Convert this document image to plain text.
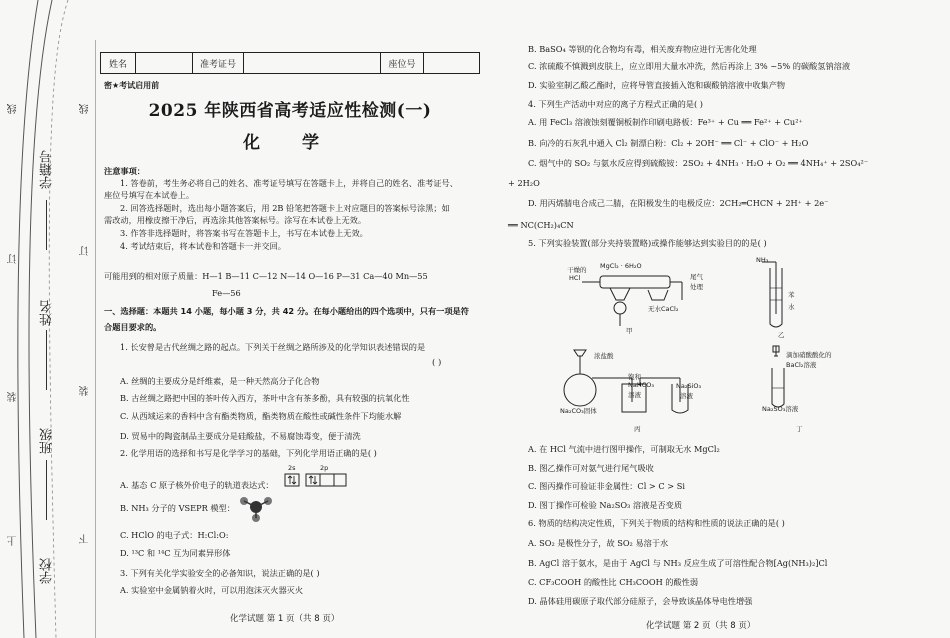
学籍号
姓名
班级
学校
线
订
装
上
线
订
装
下
姓名	准考证号	座位号
密★考试启用前
2025 年陕西省高考适应性检测(一)
化 学
注意事项：
1. 答卷前，考生务必将自己的姓名、准考证号填写在答题卡上，并将自己的姓名、准考证号、
座位号填写在本试卷上。
2. 回答选择题时，选出每小题答案后，用 2B 铅笔把答题卡上对应题目的答案标号涂黑；如
需改动，用橡皮擦干净后，再选涂其他答案标号。涂写在本试卷上无效。
3. 作答非选择题时，将答案书写在答题卡上，书写在本试卷上无效。
4. 考试结束后，将本试卷和答题卡一并交回。
可能用到的相对原子质量：H—1 B—11 C—12 N—14 O—16 P—31 Ca—40 Mn—55
Fe—56
一、选择题：本题共 14 小题，每小题 3 分，共 42 分。在每小题给出的四个选项中，只有一项是符
合题目要求的。
1. 长安曾是古代丝绸之路的起点。下列关于丝绸之路所涉及的化学知识表述错误的是
( )
A. 丝绸的主要成分是纤维素，是一种天然高分子化合物
B. 古丝绸之路把中国的茶叶传入西方，茶叶中含有茶多酚，具有较强的抗氧化性
C. 从西域运来的香料中含有酯类物质，酯类物质在酸性或碱性条件下均能水解
D. 贸易中的陶瓷制品主要成分是硅酸盐，不易腐蚀毒变，便于清洗
2. 化学用语的选择和书写是化学学习的基础，下列化学用语正确的是( )
A. 基态 C 原子核外价电子的轨道表达式：
2s	2p
B. NH₃ 分子的 VSEPR 模型：
C. HClO 的电子式：H:Cl:O:
D. ¹³C 和 ¹⁴C 互为同素异形体
3. 下列有关化学实验安全的必备知识，说法正确的是( )
A. 实验室中金属钠着火时，可以用泡沫灭火器灭火
化学试题 第 1 页（共 8 页）
B. BaSO₄ 等钡的化合物均有毒，相关废弃物应进行无害化处理
C. 浓硫酸不慎溅到皮肤上，应立即用大量水冲洗，然后再涂上 3% ~5% 的碳酸氢钠溶液
D. 实验室制乙酸乙酯时，应将导管直接插入饱和碳酸钠溶液中收集产物
4. 下列生产活动中对应的离子方程式正确的是( )
A. 用 FeCl₃ 溶液蚀刻覆铜板制作印刷电路板：Fe³⁺ + Cu ══ Fe²⁺ + Cu²⁺
B. 向冷的石灰乳中通入 Cl₂ 制漂白粉：Cl₂ + 2OH⁻ ══ Cl⁻ + ClO⁻ + H₂O
C. 烟气中的 SO₂ 与氨水反应得到硫酸铵：2SO₂ + 4NH₃ · H₂O + O₂ ══ 4NH₄⁺ + 2SO₄²⁻
+ 2H₂O
D. 用丙烯腈电合成己二腈，在阳极发生的电极反应：2CH₂═CHCN + 2H⁺ + 2e⁻
══ NC(CH₂)₄CN
5. 下列实验装置(部分夹持装置略)或操作能够达到实验目的的是( )
干燥的
HCl
MgCl₂ · 6H₂O
尾气
处理
无水CaCl₂
甲
NH₃
苯
水
乙
浓盐酸
饱和
NaHCO₃
溶液
Na₂SiO₃
溶液
Na₂CO₃固体
丙
滴加硝酸酸化的
BaCl₂溶液
Na₂SO₃溶液
丁
A. 在 HCl 气流中进行图甲操作，可制取无水 MgCl₂
B. 图乙操作可对氨气进行尾气吸收
C. 图丙操作可验证非金属性：Cl > C > Si
D. 图丁操作可检验 Na₂SO₃ 溶液是否变质
6. 物质的结构决定性质，下列关于物质的结构和性质的说法正确的是( )
A. SO₂ 是极性分子，故 SO₂ 易溶于水
B. AgCl 溶于氨水，是由于 AgCl 与 NH₃ 反应生成了可溶性配合物[Ag(NH₃)₂]Cl
C. CF₃COOH 的酸性比 CH₃COOH 的酸性弱
D. 晶体硅用碳原子取代部分硅原子，会导致该晶体导电性增强
化学试题 第 2 页（共 8 页）
